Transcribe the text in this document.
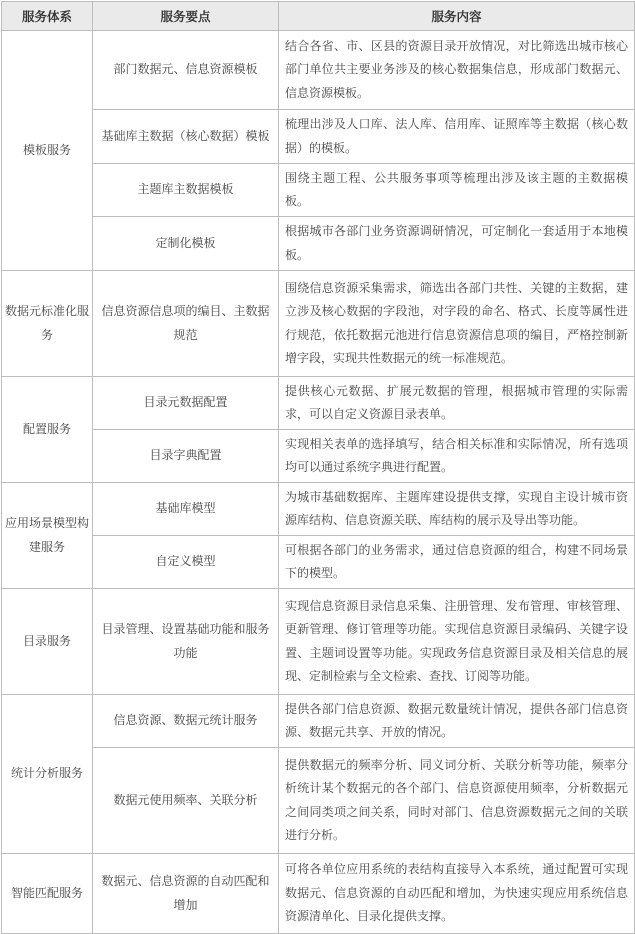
服务体系	服务要点	服务内容
模板服务	部门数据元、信息资源模板	结合各省、市、区县的资源目录开放情况，对比筛选出城市核心部门单位共主要业务涉及的核心数据集信息，形成部门数据元、信息资源模板。
	基础库主数据（核心数据）模板	梳理出涉及人口库、法人库、信用库、证照库等主数据（核心数据）的模板。
	主题库主数据模板	围绕主题工程、公共服务事项等梳理出涉及该主题的主数据模板。
	定制化模板	根据城市各部门业务资源调研情况，可定制化一套适用于本地模板。
数据元标准化服务	信息资源信息项的编目、主数据规范	围绕信息资源采集需求，筛选出各部门共性、关键的主数据，建立涉及核心数据的字段池，对字段的命名、格式、长度等属性进行规范，依托数据元池进行信息资源信息项的编目，严格控制新增字段，实现共性数据元的统一标准规范。
配置服务	目录元数据配置	提供核心元数据、扩展元数据的管理，根据城市管理的实际需求，可以自定义资源目录表单。
	目录字典配置	实现相关表单的选择填写，结合相关标准和实际情况，所有选项均可以通过系统字典进行配置。
应用场景模型构建服务	基础库模型	为城市基础数据库、主题库建设提供支撑，实现自主设计城市资源库结构、信息资源关联、库结构的展示及导出等功能。
	自定义模型	可根据各部门的业务需求，通过信息资源的组合，构建不同场景下的模型。
目录服务	目录管理、设置基础功能和服务功能	实现信息资源目录信息采集、注册管理、发布管理、审核管理、更新管理、修订管理等功能。实现信息资源目录编码、关键字设置、主题词设置等功能。实现政务信息资源目录及相关信息的展现、定制检索与全文检索、查找、订阅等功能。
统计分析服务	信息资源、数据元统计服务	提供各部门信息资源、数据元数量统计情况，提供各部门信息资源、数据元共享、开放的情况。
	数据元使用频率、关联分析	提供数据元的频率分析、同义词分析、关联分析等功能，频率分析统计某个数据元的各个部门、信息资源使用频率，分析数据元之间同类项之间关系，同时对部门、信息资源数据元之间的关联进行分析。
智能匹配服务	数据元、信息资源的自动匹配和增加	可将各单位应用系统的表结构直接导入本系统，通过配置可实现数据元、信息资源的自动匹配和增加，为快速实现应用系统信息资源清单化、目录化提供支撑。
